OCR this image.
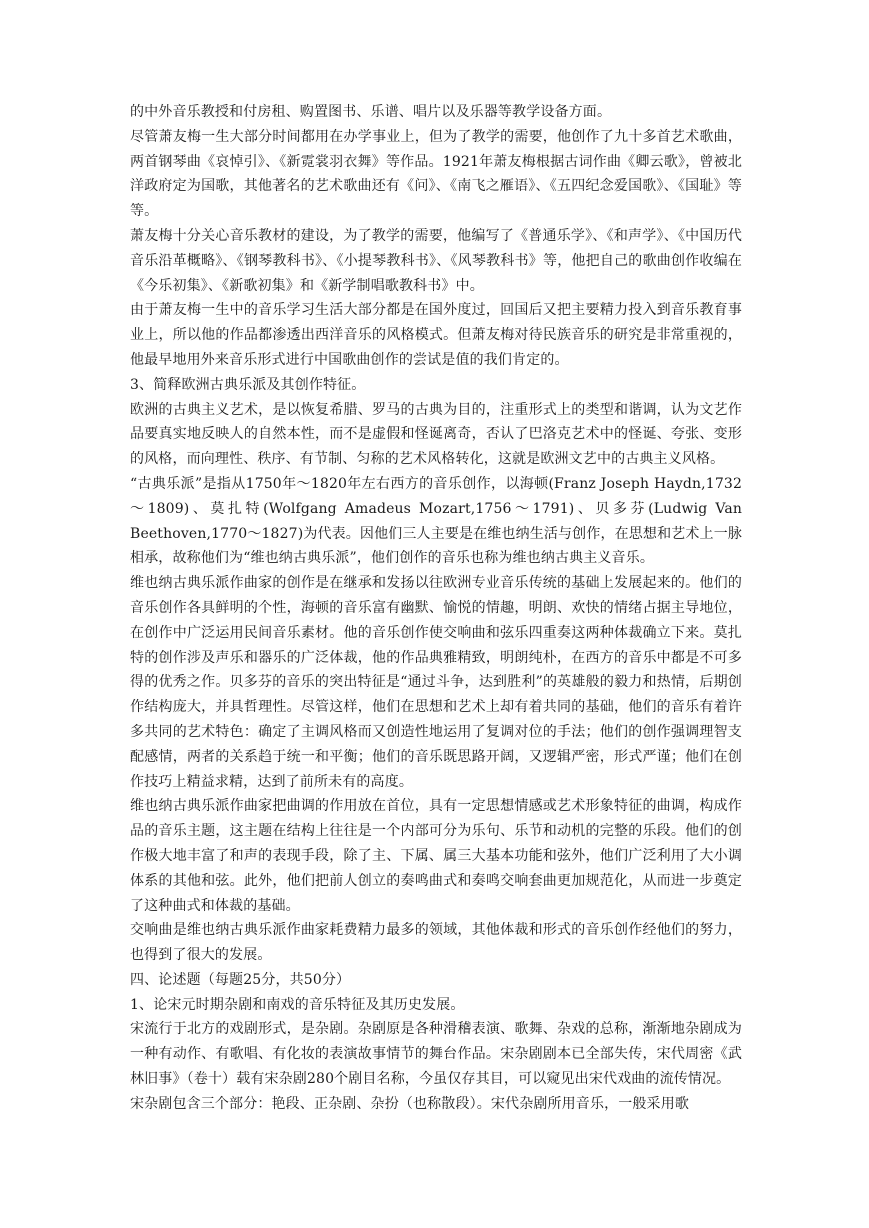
的中外音乐教授和付房租、购置图书、乐谱、唱片以及乐器等教学设备方面。

尽管萧友梅一生大部分时间都用在办学事业上，但为了教学的需要，他创作了九十多首艺术歌曲，两首钢琴曲《哀悼引》、《新霓裳羽衣舞》等作品。1921年萧友梅根据古词作曲《卿云歌》，曾被北洋政府定为国歌，其他著名的艺术歌曲还有《问》、《南飞之雁语》、《五四纪念爱国歌》、《国耻》等等。

萧友梅十分关心音乐教材的建设，为了教学的需要，他编写了《普通乐学》、《和声学》、《中国历代音乐沿革概略》、《钢琴教科书》、《小提琴教科书》、《风琴教科书》等，他把自己的歌曲创作收编在《今乐初集》、《新歌初集》和《新学制唱歌教科书》中。

由于萧友梅一生中的音乐学习生活大部分都是在国外度过，回国后又把主要精力投入到音乐教育事业上，所以他的作品都渗透出西洋音乐的风格模式。但萧友梅对待民族音乐的研究是非常重视的，他最早地用外来音乐形式进行中国歌曲创作的尝试是值的我们肯定的。

3、简释欧洲古典乐派及其创作特征。

欧洲的古典主义艺术，是以恢复希腊、罗马的古典为目的，注重形式上的类型和谐调，认为文艺作品要真实地反映人的自然本性，而不是虚假和怪诞离奇，否认了巴洛克艺术中的怪诞、夸张、变形的风格，而向理性、秩序、有节制、匀称的艺术风格转化，这就是欧洲文艺中的古典主义风格。

“古典乐派”是指从1750年～1820年左右西方的音乐创作，以海顿(Franz Joseph Haydn,1732～1809)、莫扎特(Wolfgang Amadeus Mozart,1756～1791)、贝多芬(Ludwig Van Beethoven,1770～1827)为代表。因他们三人主要是在维也纳生活与创作，在思想和艺术上一脉相承，故称他们为“维也纳古典乐派”，他们创作的音乐也称为维也纳古典主义音乐。

维也纳古典乐派作曲家的创作是在继承和发扬以往欧洲专业音乐传统的基础上发展起来的。他们的音乐创作各具鲜明的个性，海顿的音乐富有幽默、愉悦的情趣，明朗、欢快的情绪占据主导地位，在创作中广泛运用民间音乐素材。他的音乐创作使交响曲和弦乐四重奏这两种体裁确立下来。莫扎特的创作涉及声乐和器乐的广泛体裁，他的作品典雅精致，明朗纯朴，在西方的音乐中都是不可多得的优秀之作。贝多芬的音乐的突出特征是“通过斗争，达到胜利”的英雄般的毅力和热情，后期创作结构庞大，并具哲理性。尽管这样，他们在思想和艺术上却有着共同的基础，他们的音乐有着许多共同的艺术特色：确定了主调风格而又创造性地运用了复调对位的手法；他们的创作强调理智支配感情，两者的关系趋于统一和平衡；他们的音乐既思路开阔，又逻辑严密，形式严谨；他们在创作技巧上精益求精，达到了前所未有的高度。

维也纳古典乐派作曲家把曲调的作用放在首位，具有一定思想情感或艺术形象特征的曲调，构成作品的音乐主题，这主题在结构上往往是一个内部可分为乐句、乐节和动机的完整的乐段。他们的创作极大地丰富了和声的表现手段，除了主、下属、属三大基本功能和弦外，他们广泛利用了大小调体系的其他和弦。此外，他们把前人创立的奏鸣曲式和奏鸣交响套曲更加规范化，从而进一步奠定了这种曲式和体裁的基础。

交响曲是维也纳古典乐派作曲家耗费精力最多的领域，其他体裁和形式的音乐创作经他们的努力，也得到了很大的发展。

四、论述题（每题25分，共50分）

1、论宋元时期杂剧和南戏的音乐特征及其历史发展。

宋流行于北方的戏剧形式，是杂剧。杂剧原是各种滑稽表演、歌舞、杂戏的总称，渐渐地杂剧成为一种有动作、有歌唱、有化妆的表演故事情节的舞台作品。宋杂剧剧本已全部失传，宋代周密《武林旧事》（卷十）载有宋杂剧280个剧目名称，今虽仅存其目，可以窥见出宋代戏曲的流传情况。

宋杂剧包含三个部分：艳段、正杂剧、杂扮（也称散段）。宋代杂剧所用音乐，一般采用歌
